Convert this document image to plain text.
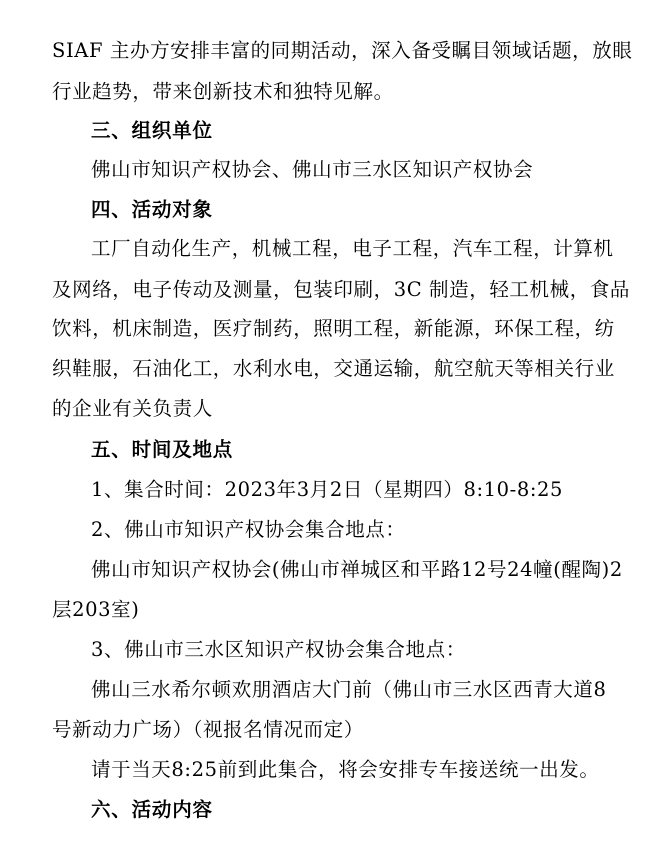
SIAF 主办方安排丰富的同期活动，深入备受瞩目领域话题，放眼
行业趋势，带来创新技术和独特见解。
三、组织单位
佛山市知识产权协会、佛山市三水区知识产权协会
四、活动对象
工厂自动化生产，机械工程，电子工程，汽车工程，计算机
及网络，电子传动及测量，包装印刷，3C 制造，轻工机械，食品
饮料，机床制造，医疗制药，照明工程，新能源，环保工程，纺
织鞋服，石油化工，水利水电，交通运输，航空航天等相关行业
的企业有关负责人
五、时间及地点
1、集合时间：2023年3月2日（星期四）8:10-8:25
2、佛山市知识产权协会集合地点：
佛山市知识产权协会(佛山市禅城区和平路12号24幢(醒陶)2
层203室)
3、佛山市三水区知识产权协会集合地点：
佛山三水希尔顿欢朋酒店大门前（佛山市三水区西青大道8
号新动力广场）（视报名情况而定）
请于当天8:25前到此集合，将会安排专车接送统一出发。
六、活动内容
